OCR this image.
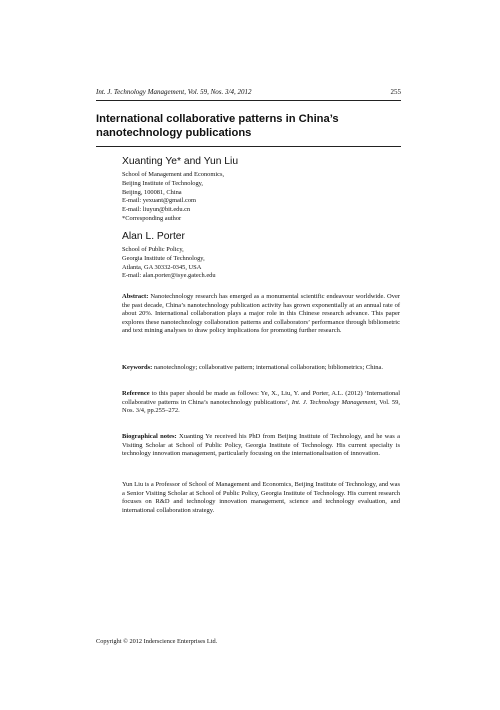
Int. J. Technology Management, Vol. 59, Nos. 3/4, 2012	255
International collaborative patterns in China’s nanotechnology publications

Xuanting Ye* and Yun Liu

School of Management and Economics,
Beijing Institute of Technology,
Beijing, 100081, China
E-mail: yexuant@gmail.com
E-mail: liuyun@bit.edu.cn
*Corresponding author

Alan L. Porter

School of Public Policy,
Georgia Institute of Technology,
Atlanta, GA 30332-0345, USA
E-mail: alan.porter@isye.gatech.edu

Abstract: Nanotechnology research has emerged as a monumental scientific endeavour worldwide. Over the past decade, China’s nanotechnology publication activity has grown exponentially at an annual rate of about 20%. International collaboration plays a major role in this Chinese research advance. This paper explores these nanotechnology collaboration patterns and collaborators’ performance through bibliometric and text mining analyses to draw policy implications for promoting further research.

Keywords: nanotechnology; collaborative pattern; international collaboration; bibliometrics; China.

Reference to this paper should be made as follows: Ye, X., Liu, Y. and Porter, A.L. (2012) ‘International collaborative patterns in China’s nanotechnology publications’, Int. J. Technology Management, Vol. 59, Nos. 3/4, pp.255–272.

Biographical notes: Xuanting Ye received his PhD from Beijing Institute of Technology, and he was a Visiting Scholar at School of Public Policy, Georgia Institute of Technology. His current specialty is technology innovation management, particularly focusing on the internationalisation of innovation.

Yun Liu is a Professor of School of Management and Economics, Beijing Institute of Technology, and was a Senior Visiting Scholar at School of Public Policy, Georgia Institute of Technology. His current research focuses on R&D and technology innovation management, science and technology evaluation, and international collaboration strategy.

Copyright © 2012 Inderscience Enterprises Ltd.
